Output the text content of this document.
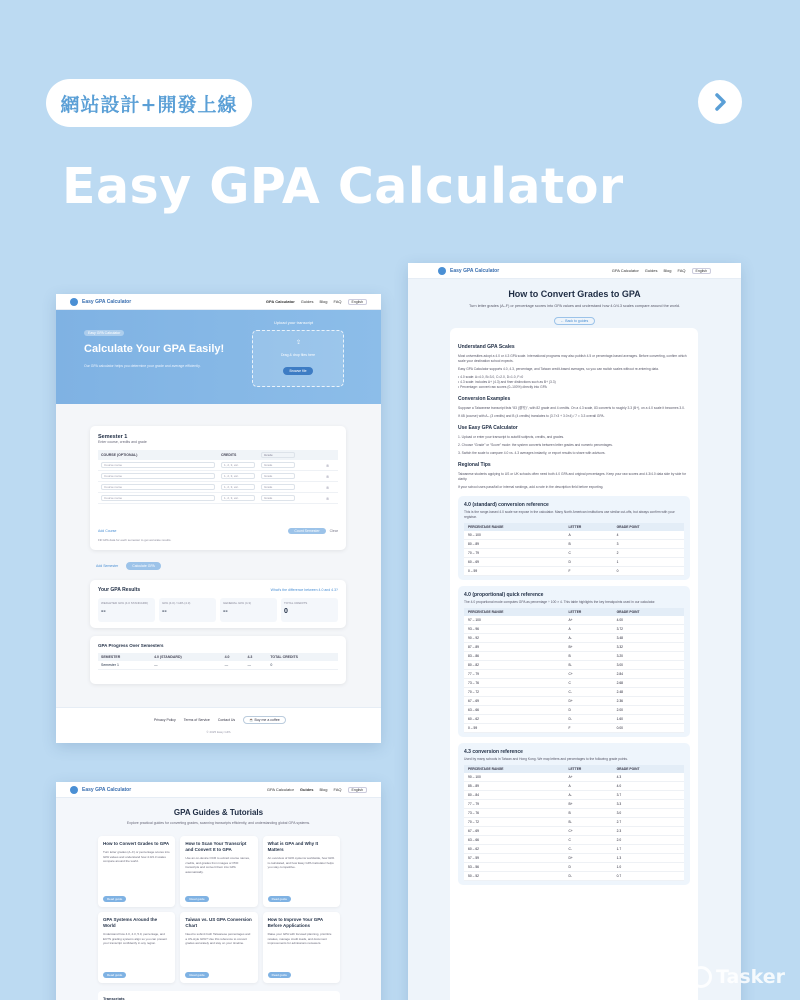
網站設計+開發上線
Easy GPA Calculator
Easy GPA Calculator	GPA Calculator Guides Blog FAQ	English
Easy GPA Calculator
Calculate Your GPA Easily!
Our GPA calculator helps you determine your grade and average efficiently.
Upload your transcript
⇪
Drag & drop files here
Browse file
Semester 1
Enter course, credits and grade
COURSE (OPTIONAL)	CREDITS	Grade	

Course name	1, 2, 3, etc.	Grade	⊗

Course name	1, 2, 3, etc.	Grade	⊗

Course name	1, 2, 3, etc.	Grade	⊗

Course name	1, 2, 3, etc.	Grade	⊗
Add Course	Count Semester	Clear
Fill GPA data for each semester to get accurate results.
Add Semester	Calculate GPA
Your GPA Results	What's the difference between 4.0 and 4.3?
WEIGHTED GPA (4.0 STANDARD)
--
GPA (4.0) / GPA (4.3)
--
GENERAL GPA (4.3)
--
TOTAL CREDITS
0
GPA Progress Over Semesters
SEMESTER	4.0 (STANDARD)	4.0	4.3	TOTAL CREDITS
Semester 1	—	—	—	0
Privacy Policy Terms of Service Contact Us	☕ Buy me a coffee
© 2025 Easy GPA
Easy GPA Calculator	GPA Calculator Guides Blog FAQ	English
How to Convert Grades to GPA
Turn letter grades (A–F) or percentage scores into GPA values and understand how 4.0/4.3 scales compare around the world.
← Back to guides
Understand GPA Scales

Most universities adopt a 4.0 or 4.3 GPA scale. International programs may also publish 4.5 or percentage-based averages. Before converting, confirm which scale your destination school expects.

Easy GPA Calculator supports 4.0, 4.3, percentage, and Taiwan credit-based averages, so you can switch scales without re-entering data.

• 4.0 scale: A=4.0, B=3.0, C=2.0, D=1.0, F=0

• 4.3 scale: includes A+ (4.3) and finer distinctions such as B+ (3.3)

• Percentage: convert raw scores (0–100%) directly into GPA

Conversion Examples

Suppose a Taiwanese transcript lists “83 (優等)”, with 82 grade and 4 credits. On a 4.3 scale, 83 converts to roughly 3.3 (B+), on a 4.0 scale it becomes 3.0.

If 4B (course) with A– (3 credits) and B (4 credits) translates to (3.7×3 + 3.0×4) / 7 = 3.3 overall GPA.

Use Easy GPA Calculator

1. Upload or enter your transcript to autofill subjects, credits, and grades.

2. Choose “Grade” or “Score” mode: the system converts between letter grades and numeric percentages.

3. Switch the scale to compare 4.0 vs. 4.3 averages instantly, or export results to share with advisors.

Regional Tips

Taiwanese students applying to US or UK schools often need both 4.0 GPA and original percentages. Keep your raw scores and 4.3/4.0 data side by side for clarity.

If your school uses pass/fail or internal rankings, add a note in the description field before exporting.

4.0 (standard) conversion reference

This is the range-based 4.0 scale we expose in the calculator. Many North American institutions use similar cut-offs, but always confirm with your registrar.

PERCENTAGE RANGE	LETTER	GRADE POINT
90 – 100	A	4
80 – 89	B	3
70 – 79	C	2
60 – 69	D	1
0 – 59	F	0
4.0 (proportional) quick reference

The 4.0 proportional mode computes GPA as percentage ÷ 100 × 4. This table highlights the key breakpoints used in our calculator.

PERCENTAGE RANGE	LETTER	GRADE POINT
97 – 100	A+	4.00
93 – 96	A	3.72
90 – 92	A-	3.48
87 – 89	B+	3.32
83 – 86	B	3.20
80 – 82	B-	3.00
77 – 79	C+	2.84
73 – 76	C	2.68
70 – 72	C-	2.48
67 – 69	D+	2.36
63 – 66	D	2.00
60 – 62	D-	1.60
0 – 59	F	0.00
4.3 conversion reference

Used by many schools in Taiwan and Hong Kong. We map letters and percentages to the following grade points.

PERCENTAGE RANGE	LETTER	GRADE POINT
90 – 100	A+	4.3
85 – 89	A	4.0
80 – 84	A-	3.7
77 – 79	B+	3.3
73 – 76	B	3.0
70 – 72	B-	2.7
67 – 69	C+	2.3
63 – 66	C	2.0
60 – 62	C-	1.7
57 – 59	D+	1.3
53 – 56	D	1.0
50 – 52	D-	0.7
Easy GPA Calculator	GPA Calculator Guides Blog FAQ	English
GPA Guides & Tutorials
Explore practical guides for converting grades, scanning transcripts efficiently, and understanding global GPA systems.
How to Convert Grades to GPA
Turn letter grades (A–F) or percentage scores into GPA values and understand how 4.0/4.3 scales compare around the world.
Read guide
How to Scan Your Transcript and Convert It to GPA
Use an on-device OCR to extract course names, credits, and grades from images or PDF transcripts and convert them into GPA automatically.
Read guide
What is GPA and Why It Matters
An overview of GPA systems worldwide, how GPA is calculated, and how Easy GPA Calculator helps you stay competitive.
Read guide
GPA Systems Around the World
Understand how 4.0, 4.3, 5.0, percentage, and ECTS grading systems align so you can present your transcript confidently in any region.
Read guide
Taiwan vs. US GPA Conversion Chart
Need to submit both Taiwanese percentages and a US-style GPA? Use this reference to convert grades accurately and stay on your timeline.
Read guide
How to Improve Your GPA Before Applications
Raise your GPA with focused planning, prioritize retakes, manage credit loads, and document improvements for admissions reviewers.
Read guide
Transcripts
Tasker
